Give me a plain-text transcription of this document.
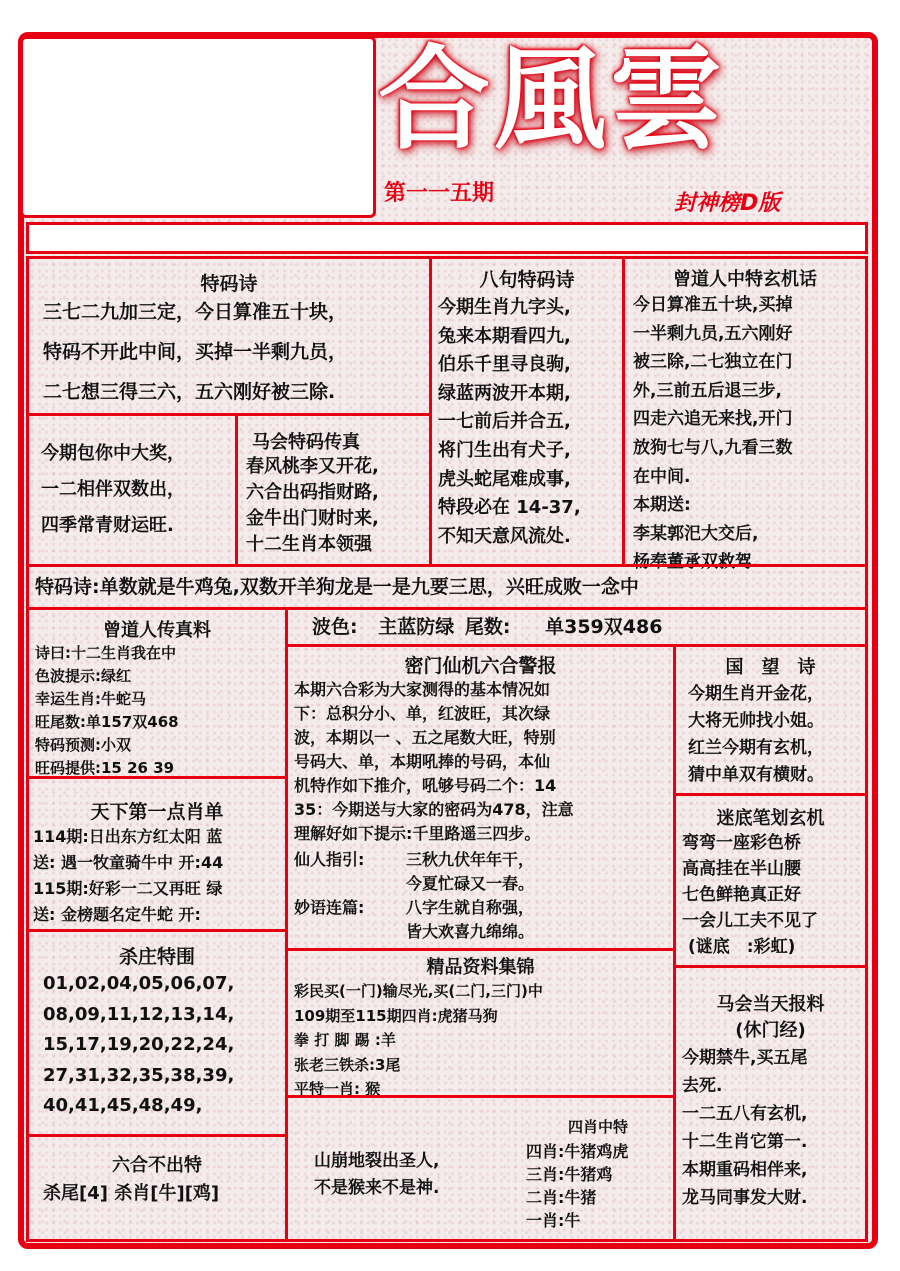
合風雲
第一一五期	封神榜D版
特码诗
三七二九加三定，今日算准五十块，
特码不开此中间，买掉一半剩九员，
二七想三得三六，五六刚好被三除.
八句特码诗
今期生肖九字头,
兔来本期看四九,
伯乐千里寻良驹,
绿蓝两波开本期,
一七前后并合五,
将门生出有犬子,
虎头蛇尾难成事,
特段必在 14-37,
不知天意风流处.
曾道人中特玄机话
今日算准五十块,买掉
一半剩九员,五六刚好
被三除,二七独立在门
外,三前五后退三步,
四走六追无来找,开门
放狗七与八,九看三数
在中间.
本期送:
李某郭汜大交后,
杨奉董承双救驾.
今期包你中大奖，
一二相伴双数出，
四季常青财运旺.
马会特码传真
春风桃李又开花,
六合出码指财路,
金牛出门财时来,
十二生肖本领强
特码诗:单数就是牛鸡兔,双数开羊狗龙是一是九要三思，兴旺成败一念中
曾道人传真料
诗曰:十二生肖我在中
色波提示:绿红
幸运生肖:牛蛇马
旺尾数:单157双468
特码预测:小双
旺码提供:15 26 39
天下第一点肖单
114期:日出东方红太阳 蓝
送: 遇一牧童骑牛中 开:44
115期:好彩一二又再旺 绿
送: 金榜题名定牛蛇 开:
杀庄特围
01,02,04,05,06,07,
08,09,11,12,13,14,
15,17,19,20,22,24,
27,31,32,35,38,39,
40,41,45,48,49,
六合不出特
杀尾[4] 杀肖[牛][鸡]
波色: 主蓝防绿 尾数: 单359双486
密门仙机六合警报
本期六合彩为大家测得的基本情况如
下：总积分小、单，红波旺，其次绿
波，本期以一 、五之尾数大旺，特别
号码大、单，本期吼捧的号码，本仙
机特作如下推介，吼够号码二个：14
35：今期送与大家的密码为478，注意
理解好如下提示:千里路遥三四步。
仙人指引:	三秋九伏年年干，
今夏忙碌又一春。
妙语连篇:	八字生就自称强，
皆大欢喜九绵绵。
精品资料集锦
彩民买(一门)输尽光,买(二门,三门)中
109期至115期四肖:虎猪马狗
拳 打 脚 踢 :羊
张老三铁杀:3尾
平特一肖: 猴
山崩地裂出圣人,
不是猴来不是神.
四肖中特
四肖:牛猪鸡虎
三肖:牛猪鸡
二肖:牛猪
一肖:牛
国　望　诗
今期生肖开金花，
大将无帅找小姐。
红兰今期有玄机，
猜中单双有横财。
迷底笔划玄机
弯弯一座彩色桥
高高挂在半山腰
七色鲜艳真正好
一会儿工夫不见了
(谜底　:彩虹)
马会当天报料
(休门经)
今期禁牛,买五尾
去死.
一二五八有玄机,
十二生肖它第一.
本期重码相伴来,
龙马同事发大财.
